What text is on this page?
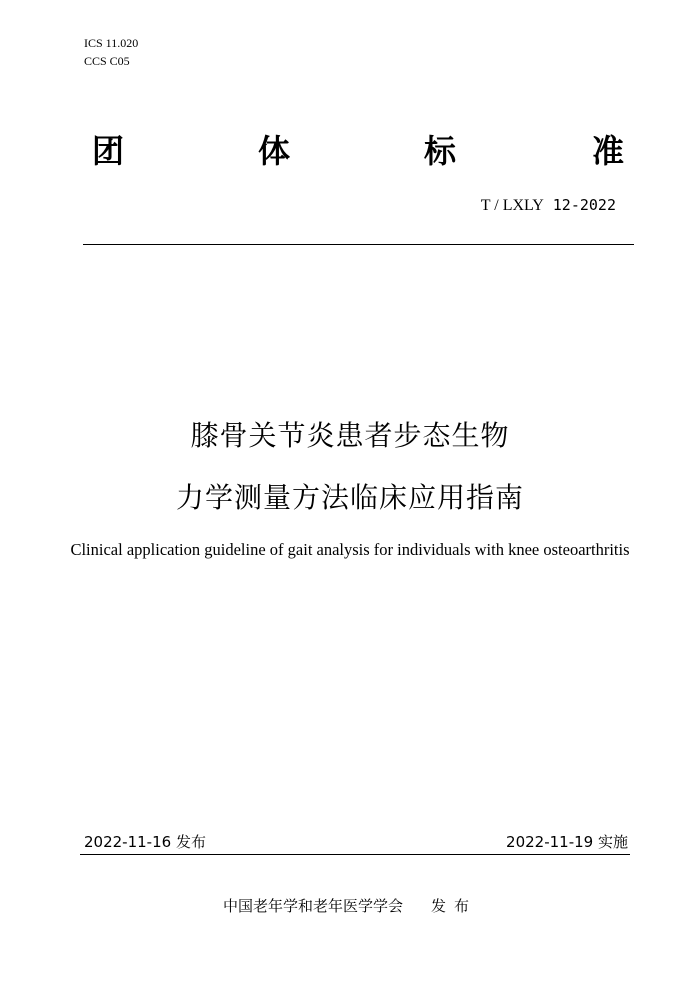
ICS 11.020
CCS C05
团	体	标	准
T / LXLY 12-2022
膝骨关节炎患者步态生物
力学测量方法临床应用指南
Clinical application guideline of gait analysis for individuals with knee osteoarthritis
2022-11-16 发布	2022-11-19 实施
中国老年学和老年医学学会 发布
